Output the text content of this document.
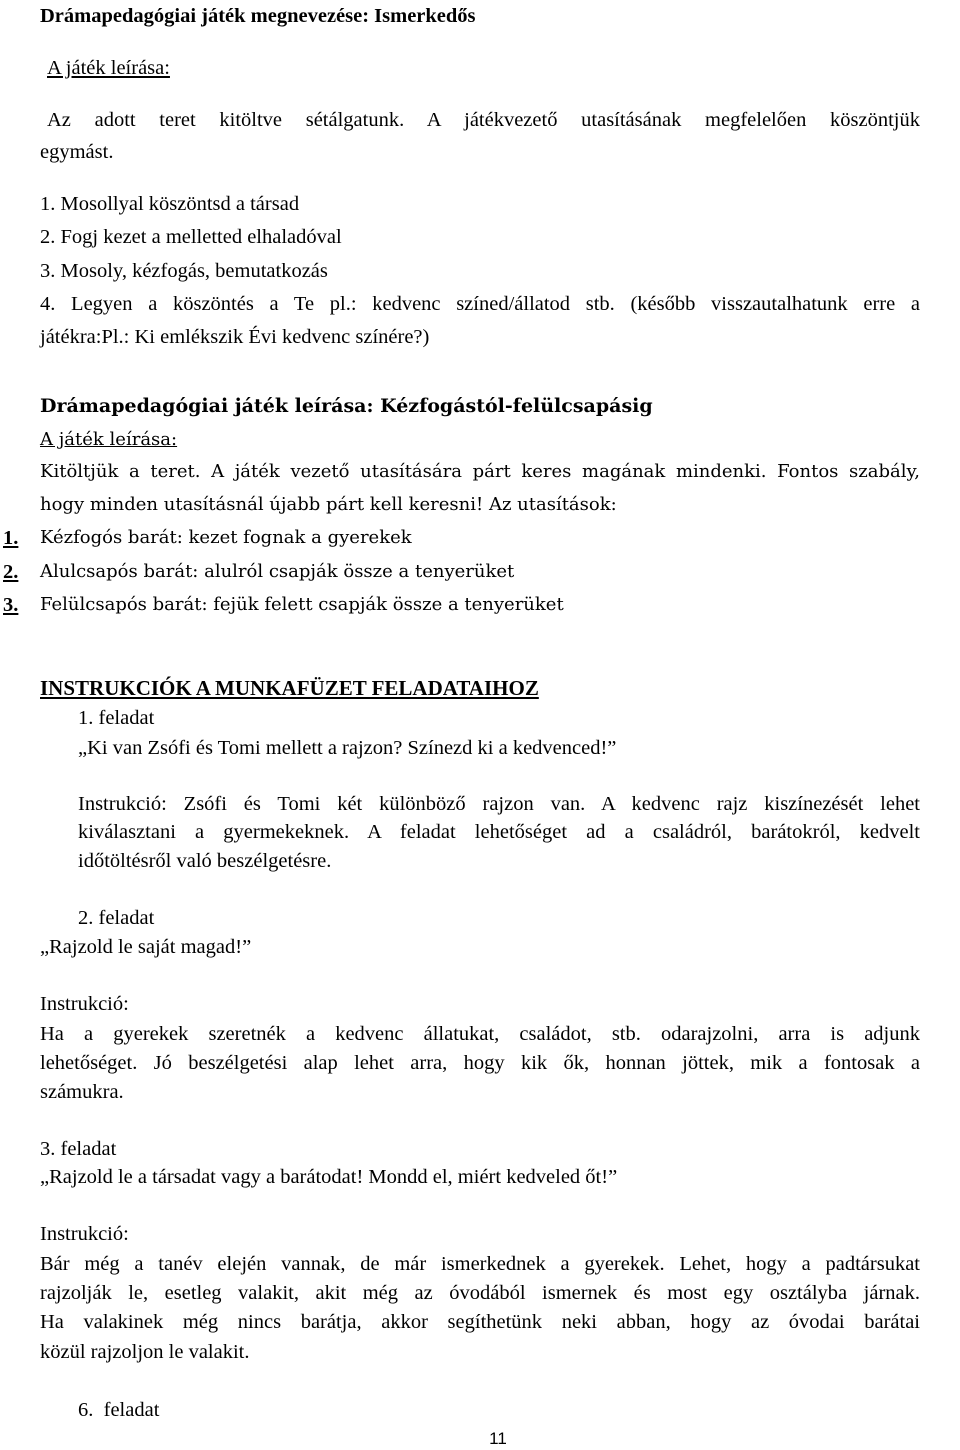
Drámapedagógiai játék megnevezése: Ismerkedős
A játék leírása:
Az adott teret kitöltve sétálgatunk. A játékvezető utasításának megfelelően köszöntjük
egymást.
1. Mosollyal köszöntsd a társad
2. Fogj kezet a melletted elhaladóval
3. Mosoly, kézfogás, bemutatkozás
4. Legyen a köszöntés a Te pl.: kedvenc színed/állatod stb. (később visszautalhatunk erre a
játékra:Pl.: Ki emlékszik Évi kedvenc színére?)
Drámapedagógiai játék leírása: Kézfogástól-felülcsapásig
A játék leírása:
Kitöltjük a teret. A játék vezető utasítására párt keres magának mindenki. Fontos szabály,
hogy minden utasításnál újabb párt kell keresni! Az utasítások:
1. Kézfogós barát: kezet fognak a gyerekek
2. Alulcsapós barát: alulról csapják össze a tenyerüket
3. Felülcsapós barát: fejük felett csapják össze a tenyerüket
INSTRUKCIÓK A MUNKAFÜZET FELADATAIHOZ
1. feladat
„Ki van Zsófi és Tomi mellett a rajzon? Színezd ki a kedvenced!”
Instrukció: Zsófi és Tomi két különböző rajzon van. A kedvenc rajz kiszínezését lehet
kiválasztani a gyermekeknek. A feladat lehetőséget ad a családról, barátokról, kedvelt
időtöltésről való beszélgetésre.
2. feladat
„Rajzold le saját magad!”
Instrukció:
Ha a gyerekek szeretnék a kedvenc állatukat, családot, stb. odarajzolni, arra is adjunk
lehetőséget. Jó beszélgetési alap lehet arra, hogy kik ők, honnan jöttek, mik a fontosak a
számukra.
3. feladat
„Rajzold le a társadat vagy a barátodat! Mondd el, miért kedveled őt!”
Instrukció:
Bár még a tanév elején vannak, de már ismerkednek a gyerekek. Lehet, hogy a padtársukat
rajzolják le, esetleg valakit, akit még az óvodából ismernek és most egy osztályba járnak.
Ha valakinek még nincs barátja, akkor segíthetünk neki abban, hogy az óvodai barátai
közül rajzoljon le valakit.
6.  feladat
11
